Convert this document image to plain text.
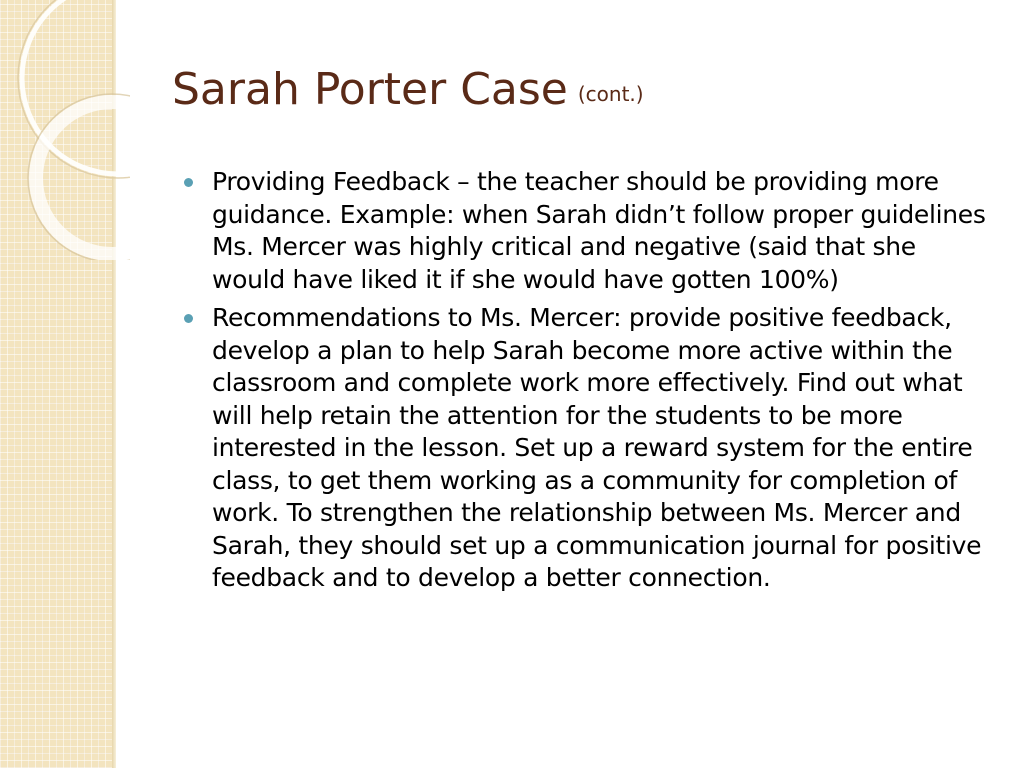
Sarah Porter Case (cont.)
Providing Feedback – the teacher should be providing more guidance. Example: when Sarah didn’t follow proper guidelines Ms. Mercer was highly critical and negative (said that she would have liked it if she would have gotten 100%)
Recommendations to Ms. Mercer: provide positive feedback, develop a plan to help Sarah become more active within the classroom and complete work more effectively. Find out what will help retain the attention for the students to be more interested in the lesson. Set up a reward system for the entire class, to get them working as a community for completion of work. To strengthen the relationship between Ms. Mercer and Sarah, they should set up a communication journal for positive feedback and to develop a better connection.
